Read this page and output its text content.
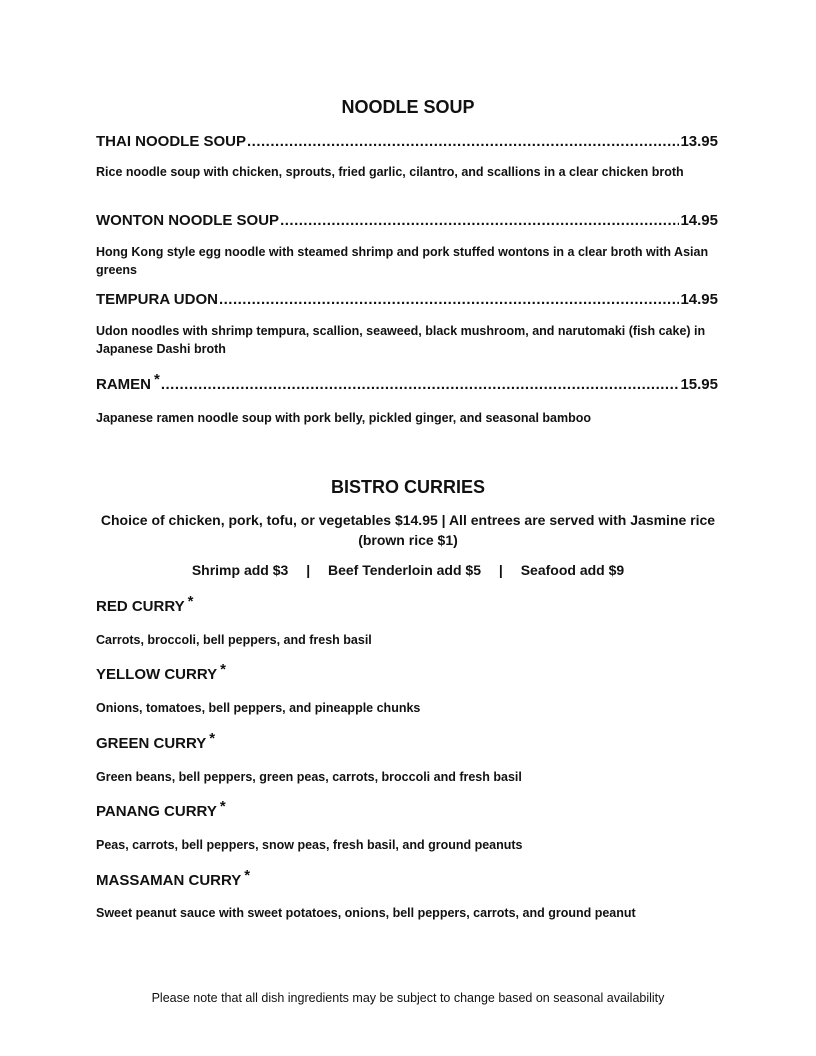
NOODLE SOUP
THAI NOODLE SOUP .....	13.95
Rice noodle soup with chicken, sprouts, fried garlic, cilantro, and scallions in a clear chicken broth
WONTON NOODLE SOUP .....	14.95
Hong Kong style egg noodle with steamed shrimp and pork stuffed wontons in a clear broth with Asian greens
TEMPURA UDON .....	14.95
Udon noodles with shrimp tempura, scallion, seaweed, black mushroom, and narutomaki (fish cake) in Japanese Dashi broth
RAMEN * .....	15.95
Japanese ramen noodle soup with pork belly, pickled ginger, and seasonal bamboo
BISTRO CURRIES
Choice of chicken, pork, tofu, or vegetables $14.95 | All entrees are served with Jasmine rice (brown rice $1)
Shrimp add $3 | Beef Tenderloin add $5 | Seafood add $9
RED CURRY *
Carrots, broccoli, bell peppers, and fresh basil
YELLOW CURRY *
Onions, tomatoes, bell peppers, and pineapple chunks
GREEN CURRY *
Green beans, bell peppers, green peas, carrots, broccoli and fresh basil
PANANG CURRY *
Peas, carrots, bell peppers, snow peas, fresh basil, and ground peanuts
MASSAMAN CURRY *
Sweet peanut sauce with sweet potatoes, onions, bell peppers, carrots, and ground peanut
Please note that all dish ingredients may be subject to change based on seasonal availability
